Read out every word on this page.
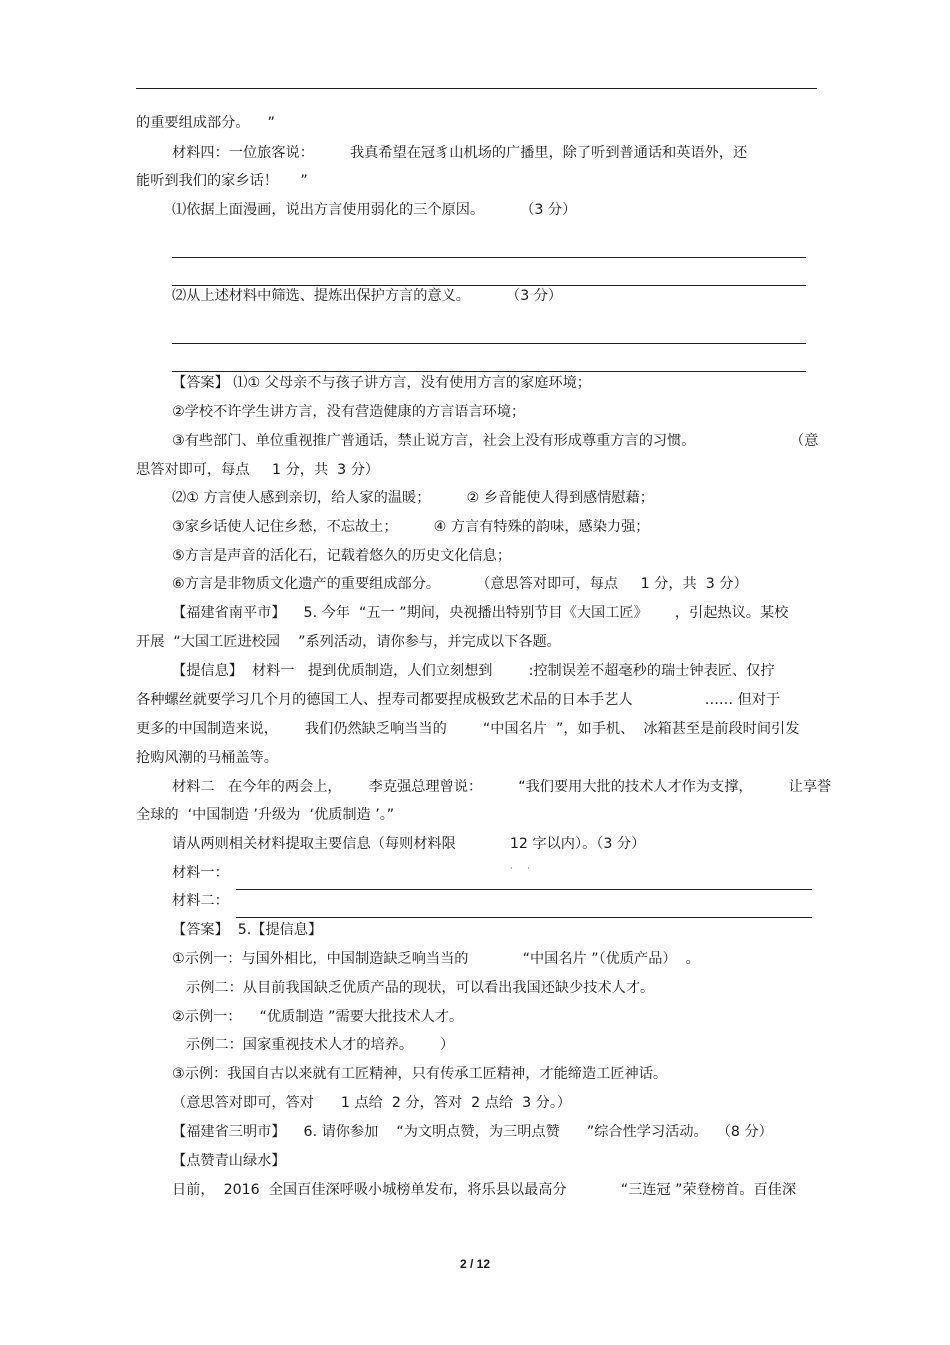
的重要组成部分。    ”
材料四：一位旅客说：        我真希望在冠豸山机场的广播里，除了听到普通话和英语外，还
能听到我们的家乡话！     ”
⑴依据上面漫画，说出方言使用弱化的三个原因。        （3 分）
⑵从上述材料中筛选、提炼出保护方言的意义。        （3 分）
【答案】 ⑴① 父母亲不与孩子讲方言，没有使用方言的家庭环境；
②学校不许学生讲方言，没有营造健康的方言语言环境；
③有些部门、单位重视推广普通话，禁止说方言，社会上没有形成尊重方言的习惯。	（意
思答对即可，每点     1 分，共  3 分）
⑵① 方言使人感到亲切，给人家的温暖；        ② 乡音能使人得到感情慰藉；
③家乡话使人记住乡愁，不忘故土；        ④ 方言有特殊的韵味，感染力强；
⑤方言是声音的活化石，记载着悠久的历史文化信息；
⑥方言是非物质文化遗产的重要组成部分。        （意思答对即可，每点     1 分，共  3 分）
【福建省南平市】    5. 今年  “五一 ”期间，央视播出特别节目《大国工匠》      ，引起热议。某校
开展  “大国工匠进校园    ”系列活动，请你参与，并完成以下各题。
【提信息】  材料一   提到优质制造，人们立刻想到        :控制误差不超毫秒的瑞士钟表匠、仅拧
各种螺丝就要学习几个月的德国工人、捏寿司都要捏成极致艺术品的日本手艺人                …… 但对于
更多的中国制造来说，      我们仍然缺乏响当当的        “中国名片  ”，如手机、  冰箱甚至是前段时间引发
抢购风潮的马桶盖等。
材料二   在今年的两会上，      李克强总理曾说：        “我们要用大批的技术人才作为支撑，        让享誉
全球的  ‘中国制造 ’升级为  ‘优质制造 ’。”
请从两则相关材料提取主要信息（每则材料限            12 字以内）。（3 分）
材料一：
材料二：
【答案】  5.【提信息】
①示例一：与国外相比，中国制造缺乏响当当的            “中国名片 ”（优质产品）  。
示例二：从目前我国缺乏优质产品的现状，可以看出我国还缺少技术人才。
②示例一：    “优质制造 ”需要大批技术人才。
示例二：国家重视技术人才的培养。      ）
③示例：我国自古以来就有工匠精神，只有传承工匠精神，才能缔造工匠神话。
（意思答对即可，答对      1 点给  2 分，答对  2 点给  3 分。）
【福建省三明市】    6. 请你参加    “为文明点赞，为三明点赞      ”综合性学习活动。  （8 分）
【点赞青山绿水】
日前，  2016  全国百佳深呼吸小城榜单发布，将乐县以最高分            “三连冠 ”荣登榜首。百佳深
· ·
2 / 12
